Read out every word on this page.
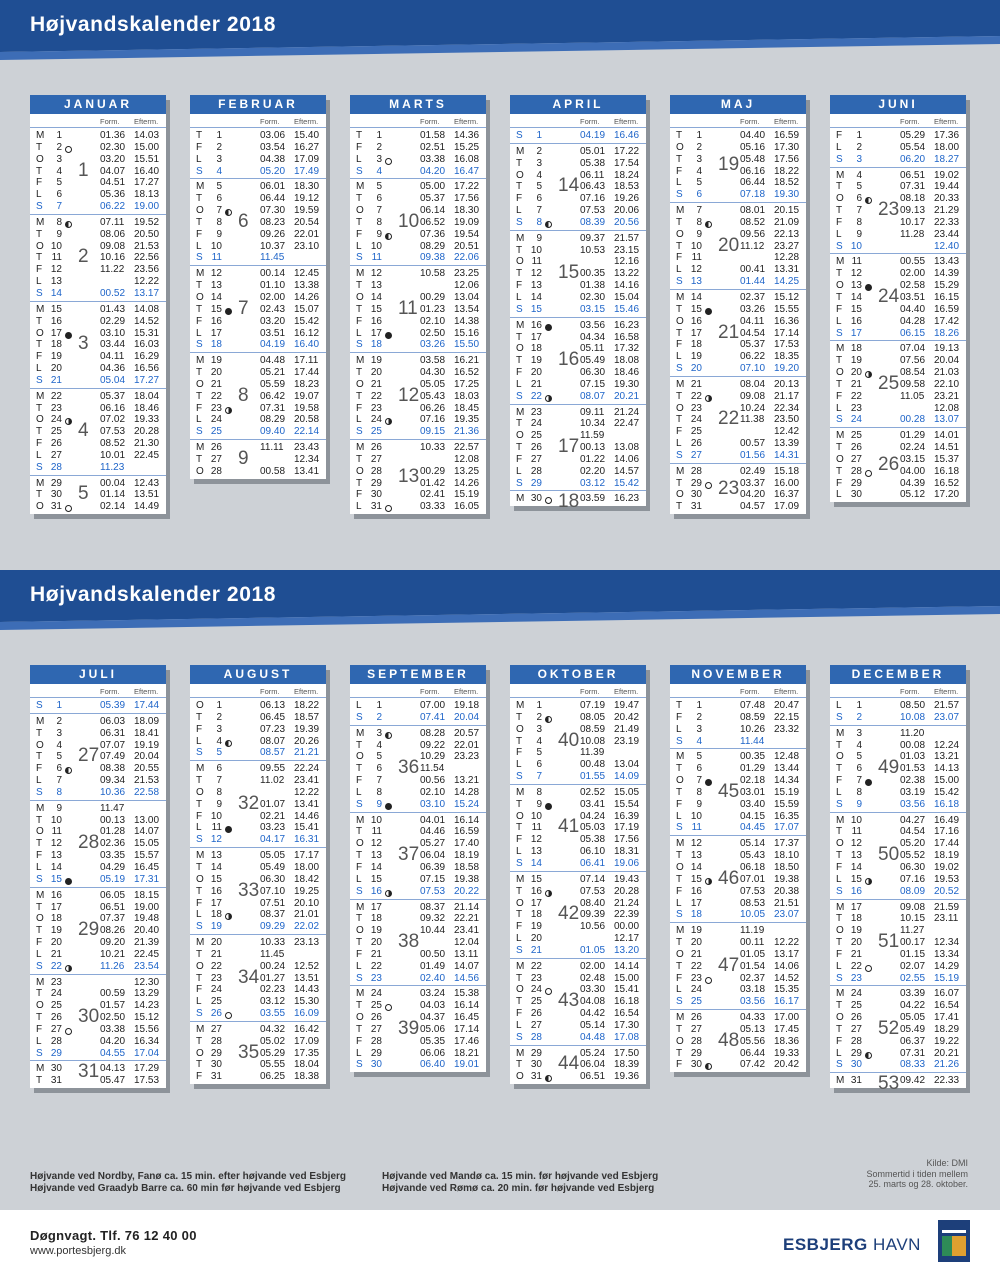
Højvandskalender 2018
Højvandskalender 2018
JANUAR
Form. Efterm.
1
M	1	01.36 14.03
T	2	02.30 15.00
O	3	03.20 15.51
T	4	04.07 16.40
F	5	04.51 17.27
L	6	05.36 18.13
S	7	06.22 19.00
2
M	8	07.11 19.52
T	9	08.06 20.50
O 10	09.08 21.53
T 11	10.16 22.56
F 12	11.22 23.56
L 13	12.22
S 14	00.52 13.17
3
M 15	01.43 14.08
T 16	02.29 14.52
O 17	03.10 15.31
T 18	03.44 16.03
F 19	04.11 16.29
L 20	04.36 16.56
S 21	05.04 17.27
4
M 22	05.37 18.04
T 23	06.16 18.46
O 24	07.02 19.33
T 25	07.53 20.28
F 26	08.52 21.30
L 27	10.01 22.45
S 28	11.23
5
M 29	00.04 12.43
T 30	01.14 13.51
O 31	02.14 14.49
FEBRUAR
Form. Efterm.
T	1	03.06 15.40
F	2	03.54 16.27
L	3	04.38 17.09
S	4	05.20 17.49
6
M	5	06.01 18.30
T	6	06.44 19.12
O	7	07.30 19.59
T	8	08.23 20.54
F	9	09.26 22.01
L 10	10.37 23.10
S 11	11.45
7
M 12	00.14 12.45
T 13	01.10 13.38
O 14	02.00 14.26
T 15	02.43 15.07
F 16	03.20 15.42
L 17	03.51 16.12
S 18	04.19 16.40
8
M 19	04.48 17.11
T 20	05.21 17.44
O 21	05.59 18.23
T 22	06.42 19.07
F 23	07.31 19.58
L 24	08.29 20.58
S 25	09.40 22.14
9
M 26	11.11 23.43
T 27	12.34
O 28	00.58 13.41
MARTS
Form. Efterm.
T	1	01.58 14.36
F	2	02.51 15.25
L	3	03.38 16.08
S	4	04.20 16.47
10
M	5	05.00 17.22
T	6	05.37 17.56
O	7	06.14 18.30
T	8	06.52 19.09
F	9	07.36 19.54
L 10	08.29 20.51
S 11	09.38 22.06
11
M 12	10.58 23.25
T 13	12.06
O 14	00.29 13.04
T 15	01.23 13.54
F 16	02.10 14.38
L 17	02.50 15.16
S 18	03.26 15.50
12
M 19	03.58 16.21
T 20	04.30 16.52
O 21	05.05 17.25
T 22	05.43 18.03
F 23	06.26 18.45
L 24	07.16 19.35
S 25	09.15 21.36
13
M 26	10.33 22.57
T 27	12.08
O 28	00.29 13.25
T 29	01.42 14.26
F 30	02.41 15.19
L 31	03.33 16.05
APRIL
Form. Efterm.
S	1	04.19 16.46
14
M	2	05.01 17.22
T	3	05.38 17.54
O	4	06.11 18.24
T	5	06.43 18.53
F	6	07.16 19.26
L	7	07.53 20.06
S	8	08.39 20.56
15
M	9	09.37 21.57
T 10	10.53 23.15
O 11	12.16
T 12	00.35 13.22
F 13	01.38 14.16
L 14	02.30 15.04
S 15	03.15 15.46
16
M 16	03.56 16.23
T 17	04.34 16.58
O 18	05.11 17.32
T 19	05.49 18.08
F 20	06.30 18.46
L 21	07.15 19.30
S 22	08.07 20.21
17
M 23	09.11 21.24
T 24	10.34 22.47
O 25	11.59
T 26	00.13 13.08
F 27	01.22 14.06
L 28	02.20 14.57
S 29	03.12 15.42
18
M 30	03.59 16.23
MAJ
Form. Efterm.
19
T	1	04.40 16.59
O	2	05.16 17.30
T	3	05.48 17.56
F	4	06.16 18.22
L	5	06.44 18.52
S	6	07.18 19.30
20
M	7	08.01 20.15
T	8	08.52 21.09
O	9	09.56 22.13
T 10	11.12 23.27
F 11	12.28
L 12	00.41 13.31
S 13	01.44 14.25
21
M 14	02.37 15.12
T 15	03.26 15.55
O 16	04.11 16.36
T 17	04.54 17.14
F 18	05.37 17.53
L 19	06.22 18.35
S 20	07.10 19.20
22
M 21	08.04 20.13
T 22	09.08 21.17
O 23	10.24 22.34
T 24	11.38 23.50
F 25	12.42
L 26	00.57 13.39
S 27	01.56 14.31
23
M 28	02.49 15.18
T 29	03.37 16.00
O 30	04.20 16.37
T 31	04.57 17.09
JUNI
Form. Efterm.
F	1	05.29 17.36
L	2	05.54 18.00
S	3	06.20 18.27
23
M	4	06.51 19.02
T	5	07.31 19.44
O	6	08.18 20.33
T	7	09.13 21.29
F	8	10.17 22.33
L	9	11.28 23.44
S 10	12.40
24
M 11	00.55 13.43
T 12	02.00 14.39
O 13	02.58 15.29
T 14	03.51 16.15
F 15	04.40 16.59
L 16	04.28 17.42
S 17	06.15 18.26
25
M 18	07.04 19.13
T 19	07.56 20.04
O 20	08.54 21.03
T 21	09.58 22.10
F 22	11.05 23.21
L 23	12.08
S 24	00.28 13.07
26
M 25	01.29 14.01
T 26	02.24 14.51
O 27	03.15 15.37
T 28	04.00 16.18
F 29	04.39 16.52
L 30	05.12 17.20
JULI
Form. Efterm.
S	1	05.39 17.44
27
M	2	06.03 18.09
T	3	06.31 18.41
O	4	07.07 19.19
T	5	07.49 20.04
F	6	08.38 20.55
L	7	09.34 21.53
S	8	10.36 22.58
28
M	9	11.47
T 10	00.13 13.00
O 11	01.28 14.07
T 12	02.36 15.05
F 13	03.35 15.57
L 14	04.29 16.45
S 15	05.19 17.31
29
M 16	06.05 18.15
T 17	06.51 19.00
O 18	07.37 19.48
T 19	08.26 20.40
F 20	09.20 21.39
L 21	10.21 22.45
S 22	11.26 23.54
30
M 23	12.30
T 24	00.59 13.29
O 25	01.57 14.23
T 26	02.50 15.12
F 27	03.38 15.56
L 28	04.20 16.34
S 29	04.55 17.04
31
M 30	04.13 17.29
T 31	05.47 17.53
AUGUST
Form. Efterm.
O	1	06.13 18.22
T	2	06.45 18.57
F	3	07.23 19.39
L	4	08.07 20.26
S	5	08.57 21.21
32
M	6	09.55 22.24
T	7	11.02 23.41
O	8	12.22
T	9	01.07 13.41
F 10	02.21 14.46
L	11	03.23 15.41
S 12	04.17 16.31
33
M 13	05.05 17.17
T 14	05.49 18.00
O 15	06.30 18.42
T 16	07.10 19.25
F 17	07.51 20.10
L 18	08.37 21.01
S 19	09.29 22.02
34
M 20	10.33 23.13
T 21	11.45
O 22	00.24 12.52
T 23	01.27 13.51
F 24	02.23 14.43
L 25	03.12 15.30
S 26	03.55 16.09
35
M 27	04.32 16.42
T 28	05.02 17.09
O 29	05.29 17.35
T 30	05.55 18.04
F 31	06.25 18.38
SEPTEMBER
Form. Efterm.
L	1	07.00 19.18
S	2	07.41 20.04
36
M	3	08.28 20.57
T	4	09.22 22.01
O	5	10.29 23.23
T	6	11.54
F	7	00.56 13.21
L	8	02.10 14.28
S	9	03.10 15.24
37
M 10	04.01 16.14
T 11	04.46 16.59
O 12	05.27 17.40
T 13	06.04 18.19
F 14	06.39 18.58
L 15	07.15 19.38
S 16	07.53 20.22
38
M 17	08.37 21.14
T 18	09.32 22.21
O 19	10.44 23.41
T 20	12.04
F 21	00.50 13.11
L 22	01.49 14.07
S 23	02.40 14.56
39
M 24	03.24 15.38
T 25	04.03 16.14
O 26	04.37 16.45
T 27	05.06 17.14
F 28	05.35 17.46
L 29	06.06 18.21
S 30	06.40 19.01
OKTOBER
Form. Efterm.
40
M	1	07.19 19.47
T	2	08.05 20.42
O	3	08.59 21.49
T	4	10.08 23.19
F	5	11.39
L	6	00.48 13.04
S	7	01.55 14.09
41
M	8	02.52 15.05
T	9	03.41 15.54
O 10	04.24 16.39
T 11	05.03 17.19
F 12	05.38 17.56
L 13	06.10 18.31
S 14	06.41 19.06
42
M 15	07.14 19.43
T 16	07.53 20.28
O 17	08.40 21.24
T 18	09.39 22.39
F 19	10.56 00.00
L 20	12.17
S 21	01.05 13.20
43
M 22	02.00 14.14
T 23	02.48 15.00
O 24	03.30 15.41
T 25	04.08 16.18
F 26	04.42 16.54
L 27	05.14 17.30
S 28	04.48 17.08
44
M 29	05.24 17.50
T 30	06.04 18.39
O 31	06.51 19.36
NOVEMBER
Form. Efterm.
T	1	07.48 20.47
F	2	08.59 22.15
L	3	10.26 23.32
S	4	11.44
45
M	5	00.35 12.48
T	6	01.29 13.44
O	7	02.18 14.34
T	8	03.01 15.19
F	9	03.40 15.59
L 10	04.15 16.35
S 11	04.45 17.07
46
M 12	05.14 17.37
T 13	05.43 18.10
O 14	06.18 18.50
T 15	07.01 19.38
F 16	07.53 20.38
L 17	08.53 21.51
S 18	10.05 23.07
47
M 19	11.19
T 20	00.11 12.22
O 21	01.05 13.17
T 22	01.54 14.06
F 23	02.37 14.52
L 24	03.18 15.35
S 25	03.56 16.17
48
M 26	04.33 17.00
T 27	05.13 17.45
O 28	05.56 18.36
T 29	06.44 19.33
F 30	07.42 20.42
DECEMBER
Form. Efterm.
L	1	08.50 21.57
S	2	10.08 23.07
49
M	3	11.20
T	4	00.08 12.24
O	5	01.03 13.21
T	6	01.53 14.13
F	7	02.38 15.00
L	8	03.19 15.42
S	9	03.56 16.18
50
M 10	04.27 16.49
T 11	04.54 17.16
O 12	05.20 17.44
T 13	05.52 18.19
F 14	06.30 19.02
L 15	07.16 19.53
S 16	08.09 20.52
51
M 17	09.08 21.59
T 18	10.15 23.11
O 19	11.27
T 20	00.17 12.34
F 21	01.15 13.34
L 22	02.07 14.29
S 23	02.55 15.19
52
M 24	03.39 16.07
T 25	04.22 16.54
O 26	05.05 17.41
T 27	05.49 18.29
F 28	06.37 19.22
L 29	07.31 20.21
S 30	08.33 21.26
53
M 31	09.42 22.33
Højvande ved Nordby, Fanø ca. 15 min. efter højvande ved Esbjerg
Højvande ved Graadyb Barre ca. 60 min før højvande ved Esbjerg
Højvande ved Mandø ca. 15 min. før højvande ved Esbjerg
Højvande ved Rømø ca. 20 min. før højvande ved Esbjerg
Kilde: DMI
Sommertid i tiden mellem
25. marts og 28. oktober.
Døgnvagt. Tlf. 76 12 40 00
www.portesbjerg.dk	ESBJERG HAVN
